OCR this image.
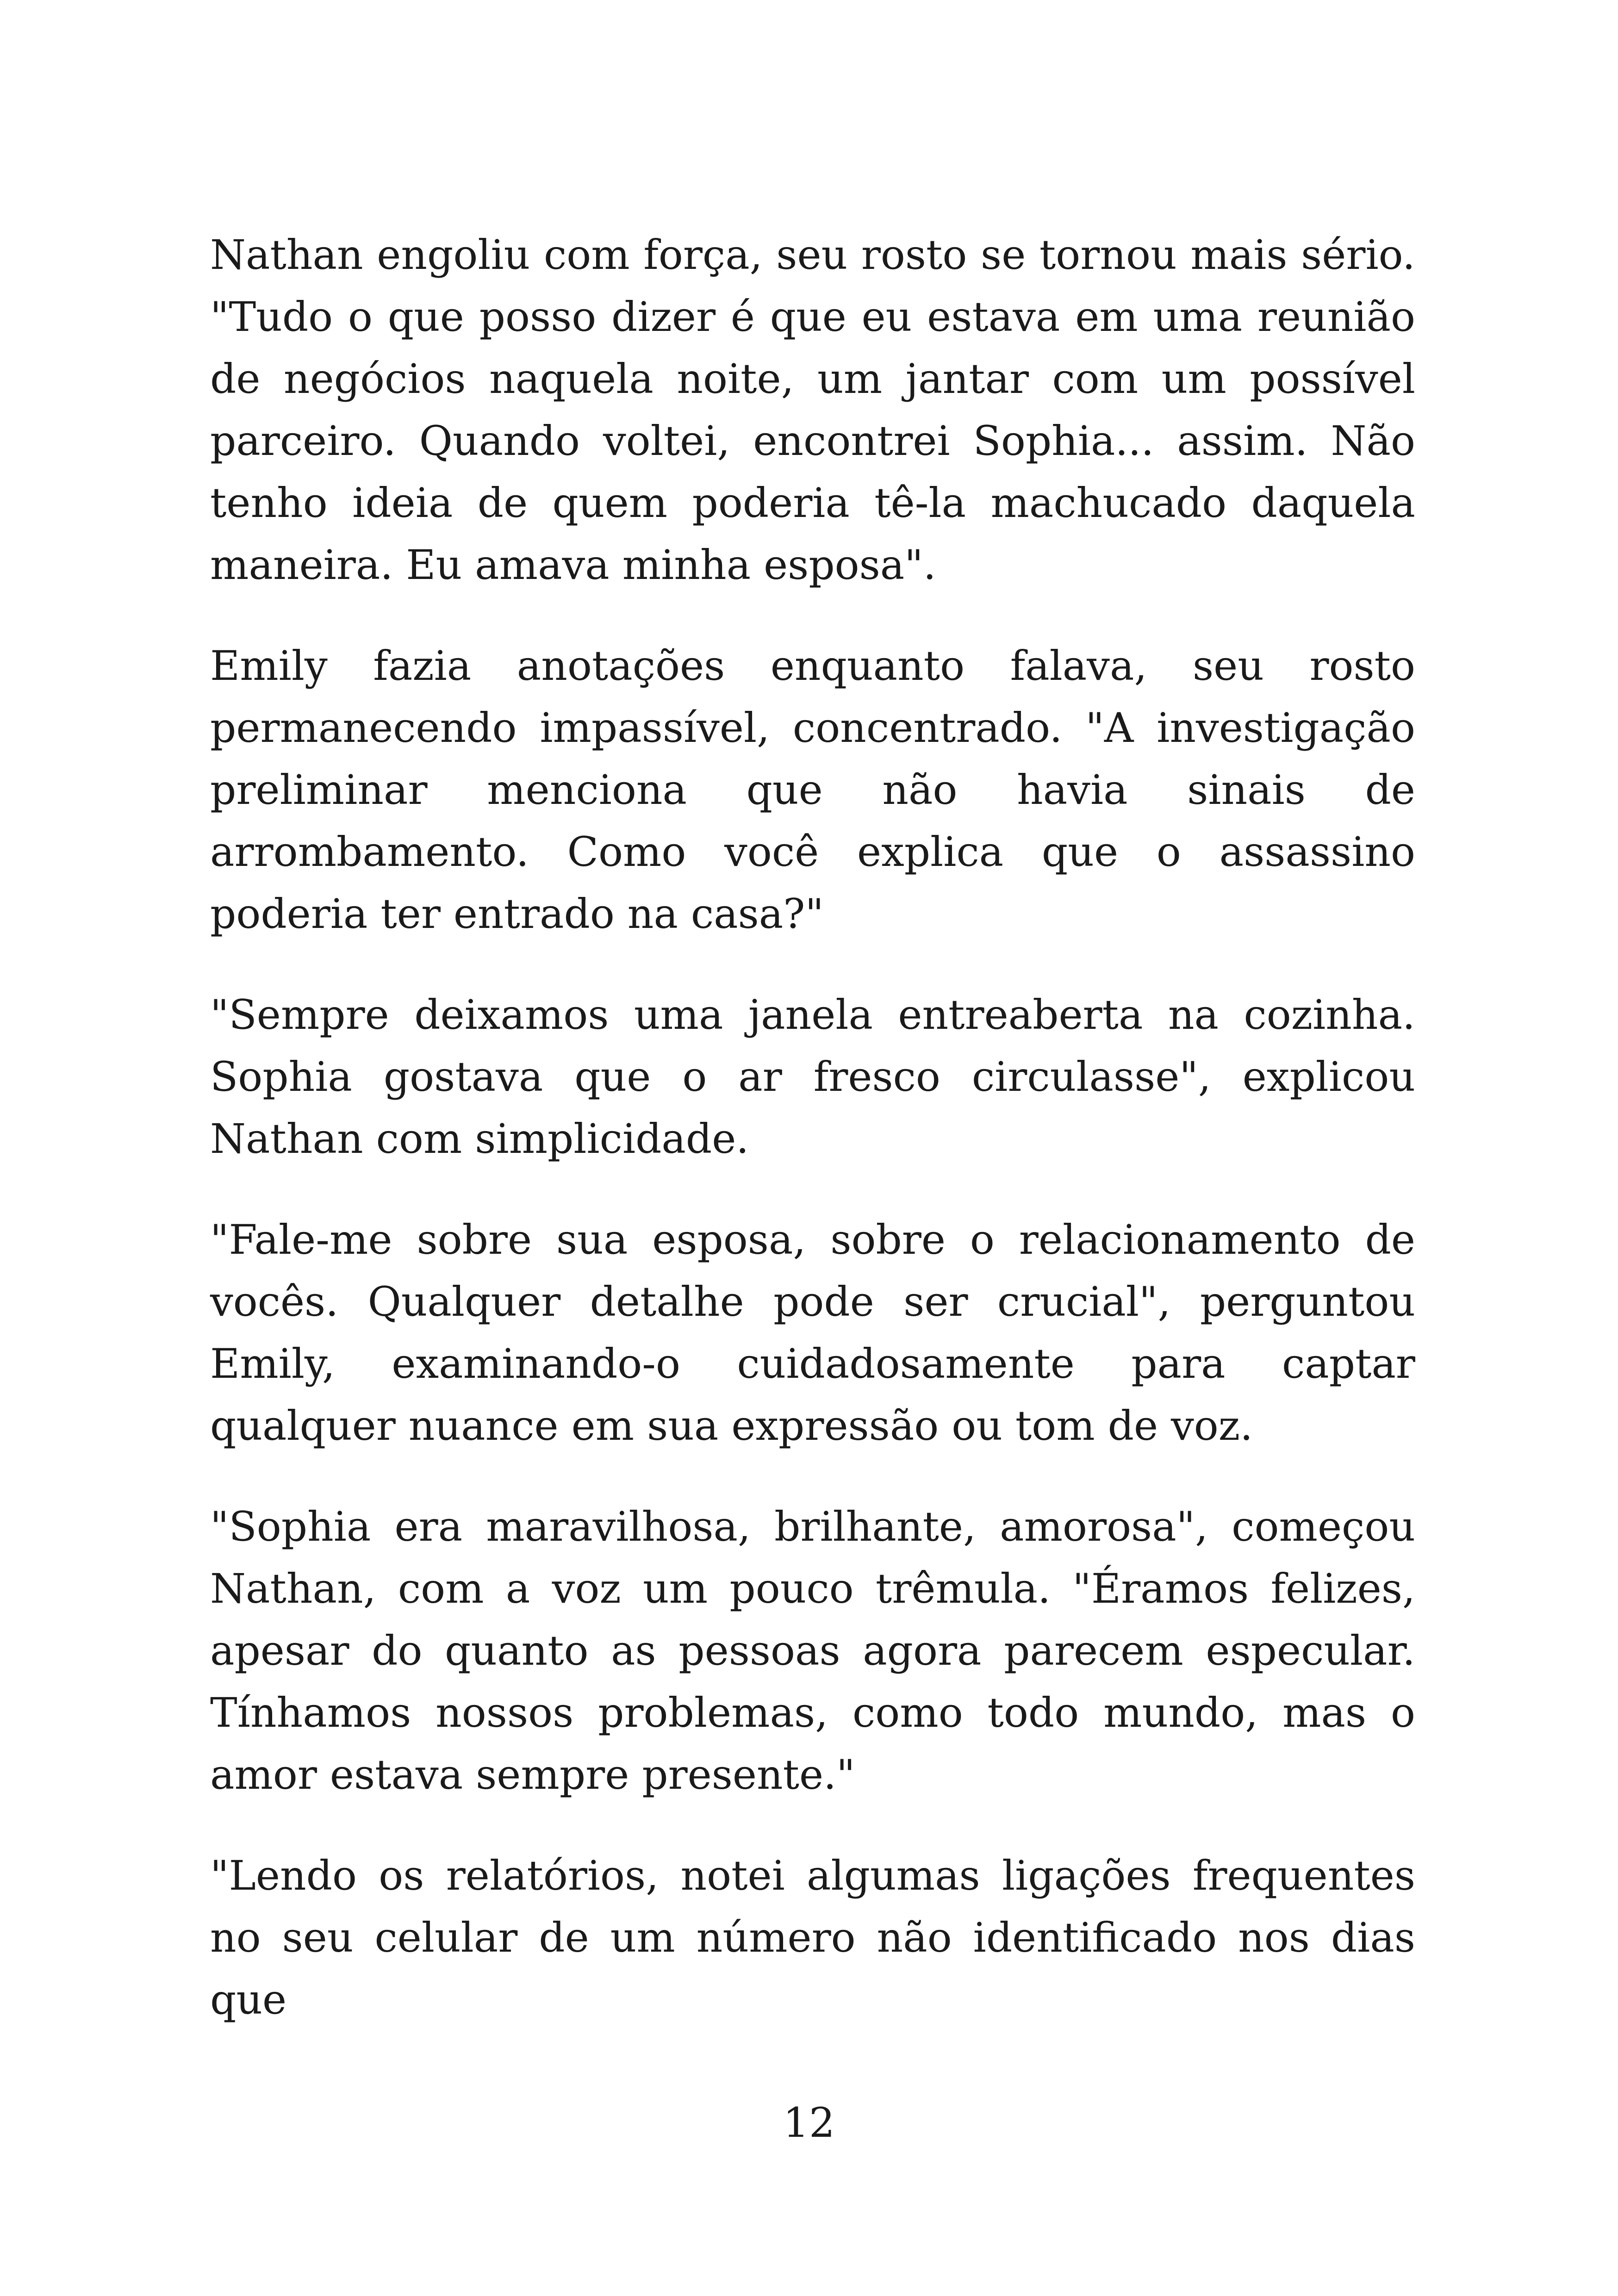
Nathan engoliu com força, seu rosto se tornou mais sério. "Tudo o que posso dizer é que eu estava em uma reunião de negócios naquela noite, um jantar com um possível parceiro. Quando voltei, encontrei Sophia... assim. Não tenho ideia de quem poderia tê-la machucado daquela maneira. Eu amava minha esposa".

Emily fazia anotações enquanto falava, seu rosto permanecendo impassível, concentrado. "A investigação preliminar menciona que não havia sinais de arrombamento. Como você explica que o assassino poderia ter entrado na casa?"

"Sempre deixamos uma janela entreaberta na cozinha. Sophia gostava que o ar fresco circulasse", explicou Nathan com simplicidade.

"Fale-me sobre sua esposa, sobre o relacionamento de vocês. Qualquer detalhe pode ser crucial", perguntou Emily, examinando-o cuidadosamente para captar qualquer nuance em sua expressão ou tom de voz.

"Sophia era maravilhosa, brilhante, amorosa", começou Nathan, com a voz um pouco trêmula. "Éramos felizes, apesar do quanto as pessoas agora parecem especular. Tínhamos nossos problemas, como todo mundo, mas o amor estava sempre presente."

"Lendo os relatórios, notei algumas ligações frequentes no seu celular de um número não identificado nos dias que

12
